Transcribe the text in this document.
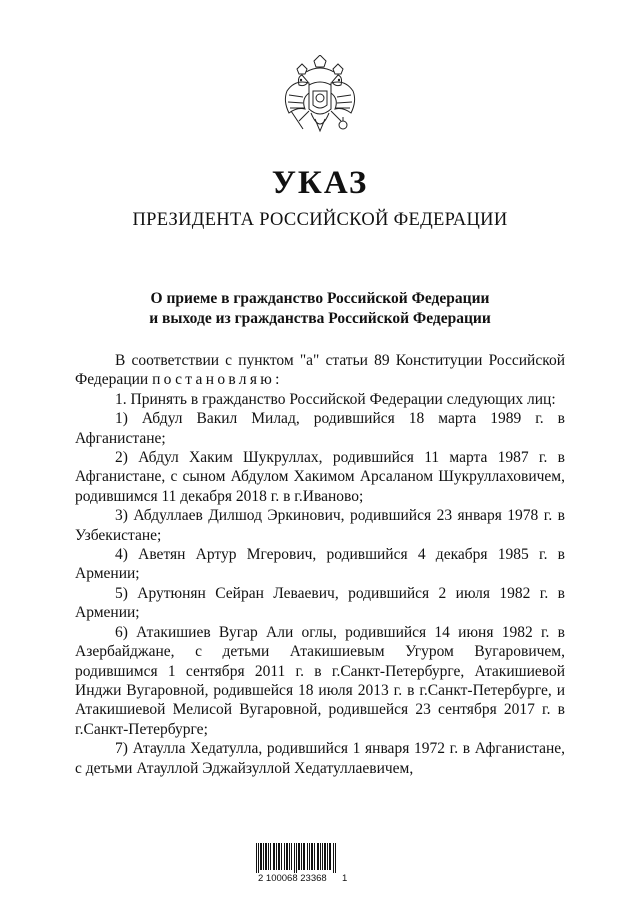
УКАЗ
ПРЕЗИДЕНТА РОССИЙСКОЙ ФЕДЕРАЦИИ
О приеме в гражданство Российской Федерации
и выходе из гражданства Российской Федерации

В соответствии с пунктом "а" статьи 89 Конституции Российской Федерации постановляю:

1. Принять в гражданство Российской Федерации следующих лиц:

1) Абдул Вакил Милад, родившийся 18 марта 1989 г. в Афганистане;

2) Абдул Хаким Шукруллах, родившийся 11 марта 1987 г. в Афганистане, с сыном Абдулом Хакимом Арсаланом Шукруллаховичем, родившимся 11 декабря 2018 г. в г.Иваново;

3) Абдуллаев Дилшод Эркинович, родившийся 23 января 1978 г. в Узбекистане;

4) Аветян Артур Мгерович, родившийся 4 декабря 1985 г. в Армении;

5) Арутюнян Сейран Леваевич, родившийся 2 июля 1982 г. в Армении;

6) Атакишиев Вугар Али оглы, родившийся 14 июня 1982 г. в Азербайджане, с детьми Атакишиевым Угуром Вугаровичем, родившимся 1 сентября 2011 г. в г.Санкт-Петербурге, Атакишиевой Инджи Вугаровной, родившейся 18 июля 2013 г. в г.Санкт-Петербурге, и Атакишиевой Мелисой Вугаровной, родившейся 23 сентября 2017 г. в г.Санкт-Петербурге;

7) Атаулла Хедатулла, родившийся 1 января 1972 г. в Афганистане, с детьми Атауллой Эджайзуллой Хедатуллаевичем,

2 100068 23368 1
